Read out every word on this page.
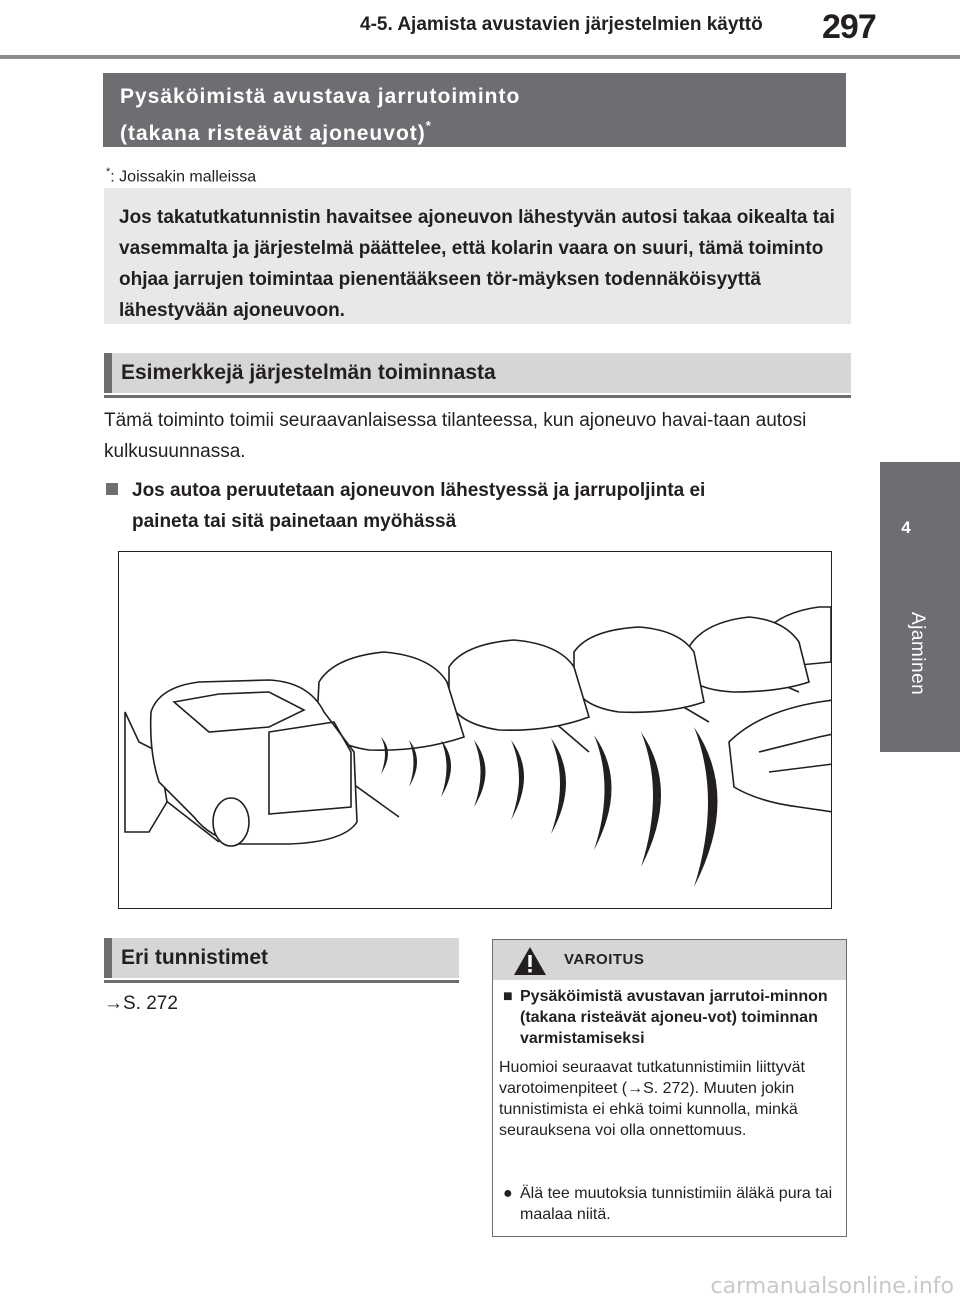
4-5. Ajamista avustavien järjestelmien käyttö 297
4
Ajaminen
Pysäköimistä avustava jarrutoiminto
(takana risteävät ajoneuvot)*
*: Joissakin malleissa
Jos takatutkatunnistin havaitsee ajoneuvon lähestyvän autosi takaa oikealta tai vasemmalta ja järjestelmä päättelee, että kolarin vaara on suuri, tämä toiminto ohjaa jarrujen toimintaa pienentääkseen tör-mäyksen todennäköisyyttä lähestyvään ajoneuvoon.
Esimerkkejä järjestelmän toiminnasta
Tämä toiminto toimii seuraavanlaisessa tilanteessa, kun ajoneuvo havai-taan autosi kulkusuunnassa.
Jos autoa peruutetaan ajoneuvon lähestyessä ja jarrupoljinta ei
paineta tai sitä painetaan myöhässä
Eri tunnistimet
→S. 272
VAROITUS
■ Pysäköimistä avustavan jarrutoi-minnon (takana risteävät ajoneu-vot) toiminnan varmistamiseksi
Huomioi seuraavat tutkatunnistimiin liittyvät varotoimenpiteet (→S. 272). Muuten jokin tunnistimista ei ehkä toimi kunnolla, minkä seurauksena voi olla onnettomuus.
● Älä tee muutoksia tunnistimiin äläkä pura tai maalaa niitä.
carmanualsonline.info
